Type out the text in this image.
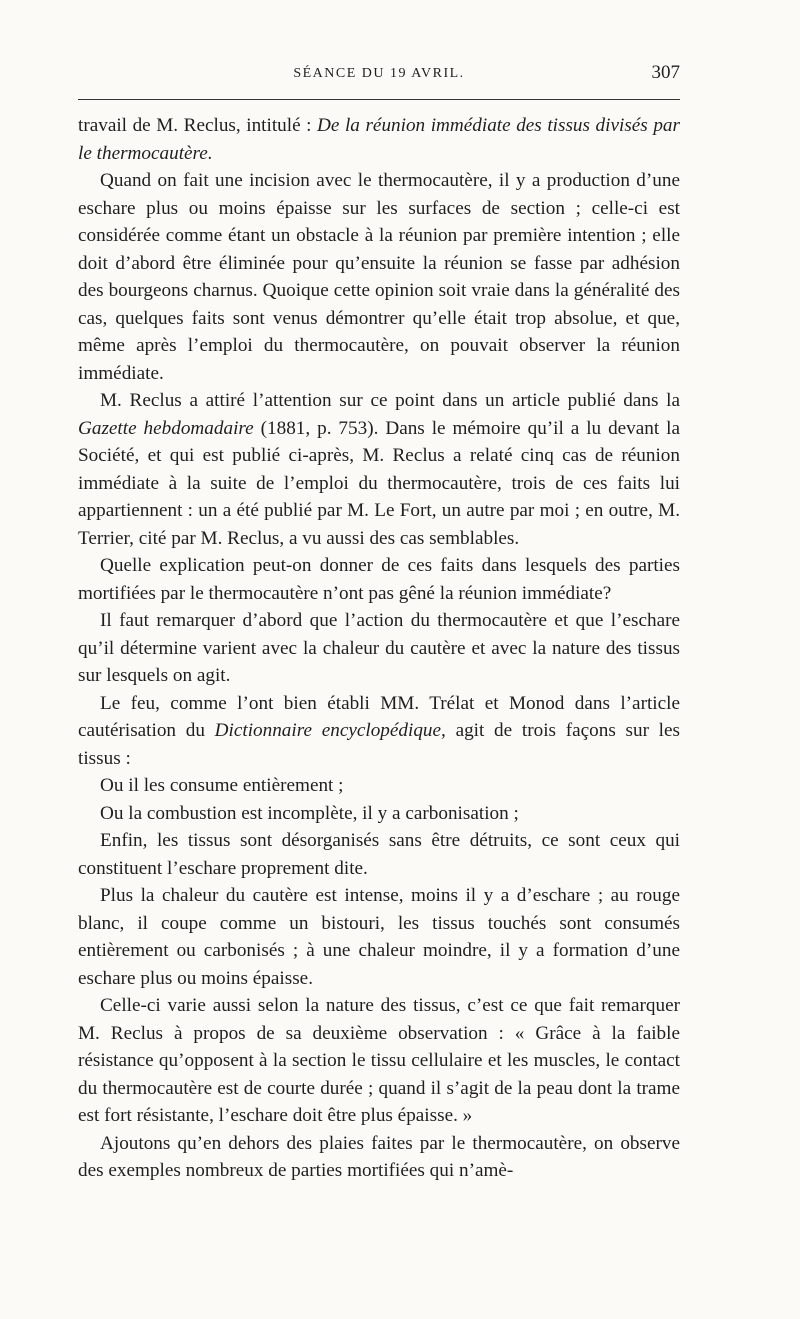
SÉANCE DU 19 AVRIL.	307

travail de M. Reclus, intitulé : De la réunion immédiate des tissus divisés par le thermocautère.

Quand on fait une incision avec le thermocautère, il y a production d’une eschare plus ou moins épaisse sur les surfaces de section ; celle-ci est considérée comme étant un obstacle à la réunion par première intention ; elle doit d’abord être éliminée pour qu’ensuite la réunion se fasse par adhésion des bourgeons charnus. Quoique cette opinion soit vraie dans la généralité des cas, quelques faits sont venus démontrer qu’elle était trop absolue, et que, même après l’emploi du thermocautère, on pouvait observer la réunion immédiate.

M. Reclus a attiré l’attention sur ce point dans un article publié dans la Gazette hebdomadaire (1881, p. 753). Dans le mémoire qu’il a lu devant la Société, et qui est publié ci-après, M. Reclus a relaté cinq cas de réunion immédiate à la suite de l’emploi du thermocautère, trois de ces faits lui appartiennent : un a été publié par M. Le Fort, un autre par moi ; en outre, M. Terrier, cité par M. Reclus, a vu aussi des cas semblables.

Quelle explication peut-on donner de ces faits dans lesquels des parties mortifiées par le thermocautère n’ont pas gêné la réunion immédiate?

Il faut remarquer d’abord que l’action du thermocautère et que l’eschare qu’il détermine varient avec la chaleur du cautère et avec la nature des tissus sur lesquels on agit.

Le feu, comme l’ont bien établi MM. Trélat et Monod dans l’article cautérisation du Dictionnaire encyclopédique, agit de trois façons sur les tissus :

Ou il les consume entièrement ;

Ou la combustion est incomplète, il y a carbonisation ;

Enfin, les tissus sont désorganisés sans être détruits, ce sont ceux qui constituent l’eschare proprement dite.

Plus la chaleur du cautère est intense, moins il y a d’eschare ; au rouge blanc, il coupe comme un bistouri, les tissus touchés sont consumés entièrement ou carbonisés ; à une chaleur moindre, il y a formation d’une eschare plus ou moins épaisse.

Celle-ci varie aussi selon la nature des tissus, c’est ce que fait remarquer M. Reclus à propos de sa deuxième observation : « Grâce à la faible résistance qu’opposent à la section le tissu cellulaire et les muscles, le contact du thermocautère est de courte durée ; quand il s’agit de la peau dont la trame est fort résistante, l’eschare doit être plus épaisse. »

Ajoutons qu’en dehors des plaies faites par le thermocautère, on observe des exemples nombreux de parties mortifiées qui n’amè-
